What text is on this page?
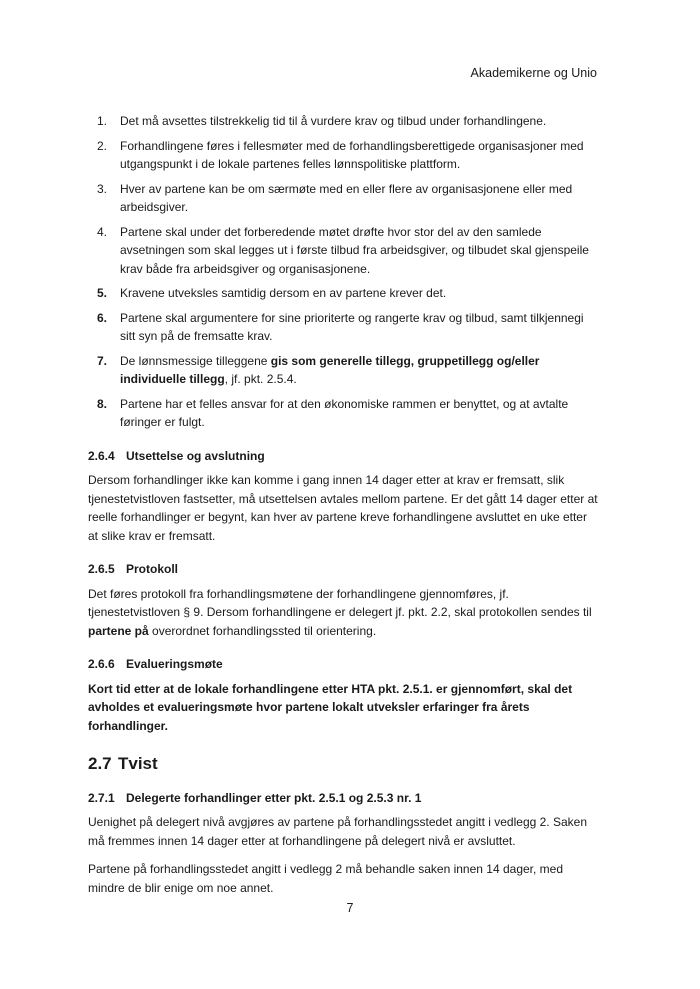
Akademikerne og Unio
1. Det må avsettes tilstrekkelig tid til å vurdere krav og tilbud under forhandlingene.
2. Forhandlingene føres i fellesmøter med de forhandlingsberettigede organisasjoner med utgangspunkt i de lokale partenes felles lønnspolitiske plattform.
3. Hver av partene kan be om særmøte med en eller flere av organisasjonene eller med arbeidsgiver.
4. Partene skal under det forberedende møtet drøfte hvor stor del av den samlede avsetningen som skal legges ut i første tilbud fra arbeidsgiver, og tilbudet skal gjenspeile krav både fra arbeidsgiver og organisasjonene.
5. Kravene utveksles samtidig dersom en av partene krever det.
6. Partene skal argumentere for sine prioriterte og rangerte krav og tilbud, samt tilkjennegi sitt syn på de fremsatte krav.
7. De lønnsmessige tilleggene gis som generelle tillegg, gruppetillegg og/eller individuelle tillegg, jf. pkt. 2.5.4.
8. Partene har et felles ansvar for at den økonomiske rammen er benyttet, og at avtalte føringer er fulgt.
2.6.4 Utsettelse og avslutning

Dersom forhandlinger ikke kan komme i gang innen 14 dager etter at krav er fremsatt, slik tjenestetvistloven fastsetter, må utsettelsen avtales mellom partene. Er det gått 14 dager etter at reelle forhandlinger er begynt, kan hver av partene kreve forhandlingene avsluttet en uke etter at slike krav er fremsatt.

2.6.5 Protokoll

Det føres protokoll fra forhandlingsmøtene der forhandlingene gjennomføres, jf. tjenestetvistloven § 9. Dersom forhandlingene er delegert jf. pkt. 2.2, skal protokollen sendes til partene på overordnet forhandlingssted til orientering.

2.6.6 Evalueringsmøte

Kort tid etter at de lokale forhandlingene etter HTA pkt. 2.5.1. er gjennomført, skal det avholdes et evalueringsmøte hvor partene lokalt utveksler erfaringer fra årets forhandlinger.

2.7 Tvist
2.7.1 Delegerte forhandlinger etter pkt. 2.5.1 og 2.5.3 nr. 1

Uenighet på delegert nivå avgjøres av partene på forhandlingsstedet angitt i vedlegg 2. Saken må fremmes innen 14 dager etter at forhandlingene på delegert nivå er avsluttet.

Partene på forhandlingsstedet angitt i vedlegg 2 må behandle saken innen 14 dager, med mindre de blir enige om noe annet.

7
